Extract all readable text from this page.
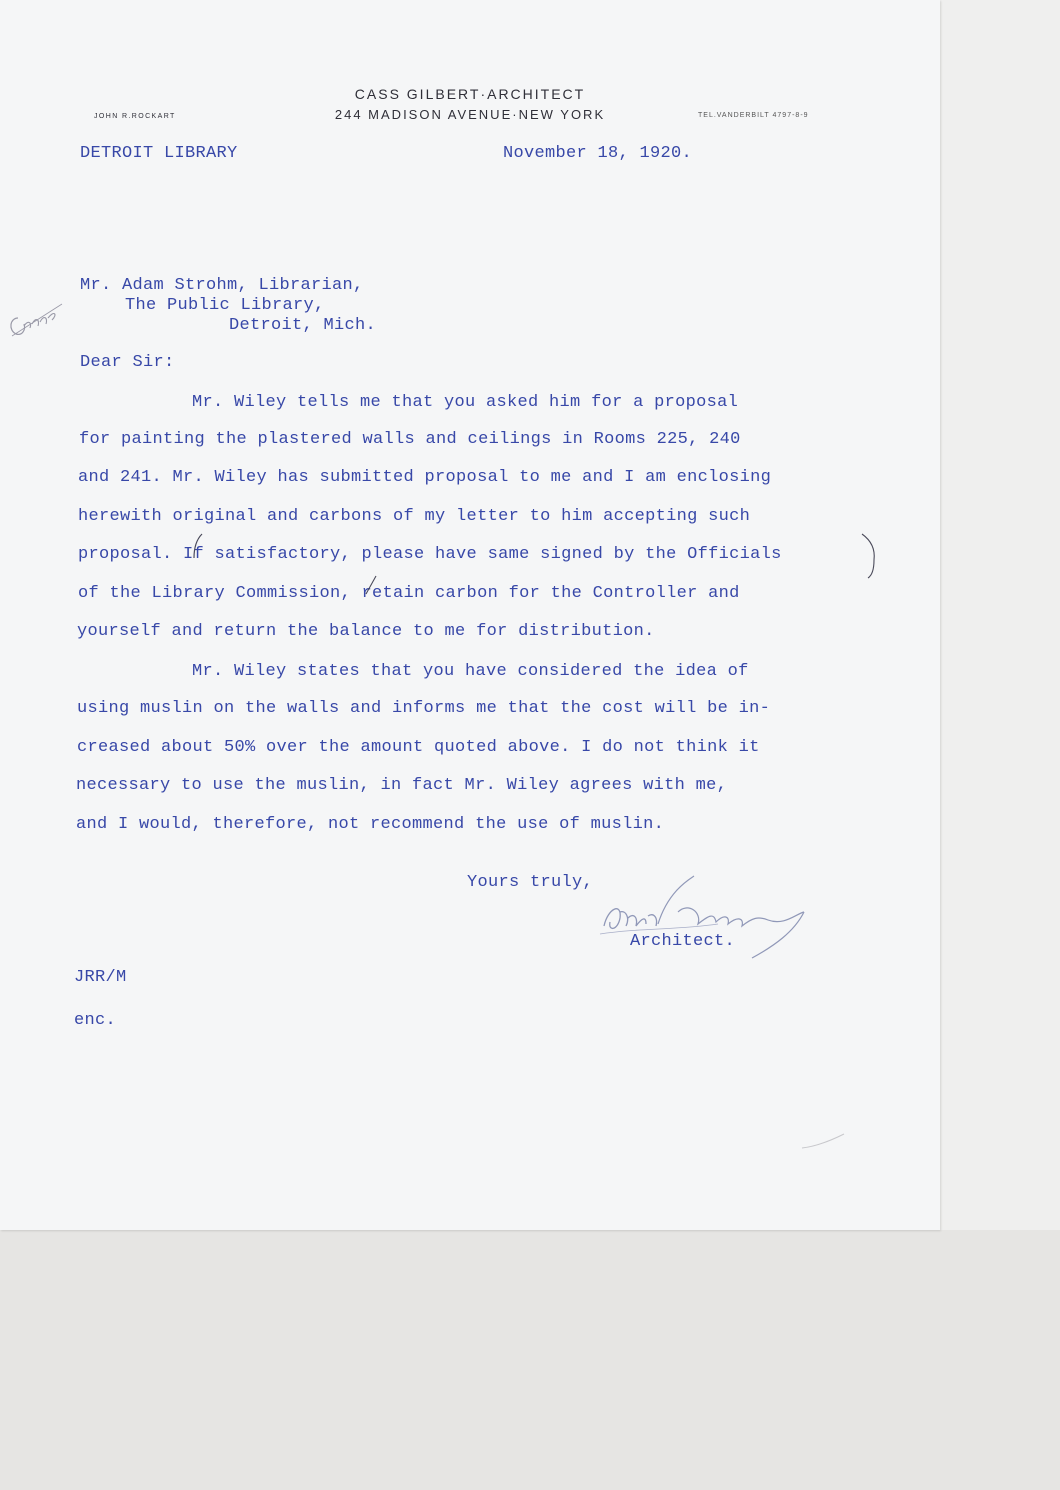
CASS GILBERT·ARCHITECT
244 MADISON AVENUE·NEW YORK
JOHN R.ROCKART	TEL.VANDERBILT 4797-8-9
DETROIT LIBRARY	November 18, 1920.
Mr. Adam Strohm, Librarian,
The Public Library,
Detroit, Mich.
Dear Sir:
Mr. Wiley tells me that you asked him for a proposal
for painting the plastered walls and ceilings in Rooms 225, 240
and 241. Mr. Wiley has submitted proposal to me and I am enclosing
herewith original and carbons of my letter to him accepting such
proposal. If satisfactory, please have same signed by the Officials
of the Library Commission, retain carbon for the Controller and
yourself and return the balance to me for distribution.
Mr. Wiley states that you have considered the idea of
using muslin on the walls and informs me that the cost will be in-
creased about 50% over the amount quoted above. I do not think it
necessary to use the muslin, in fact Mr. Wiley agrees with me,
and I would, therefore, not recommend the use of muslin.
Yours truly,
Architect.
JRR/M
enc.
